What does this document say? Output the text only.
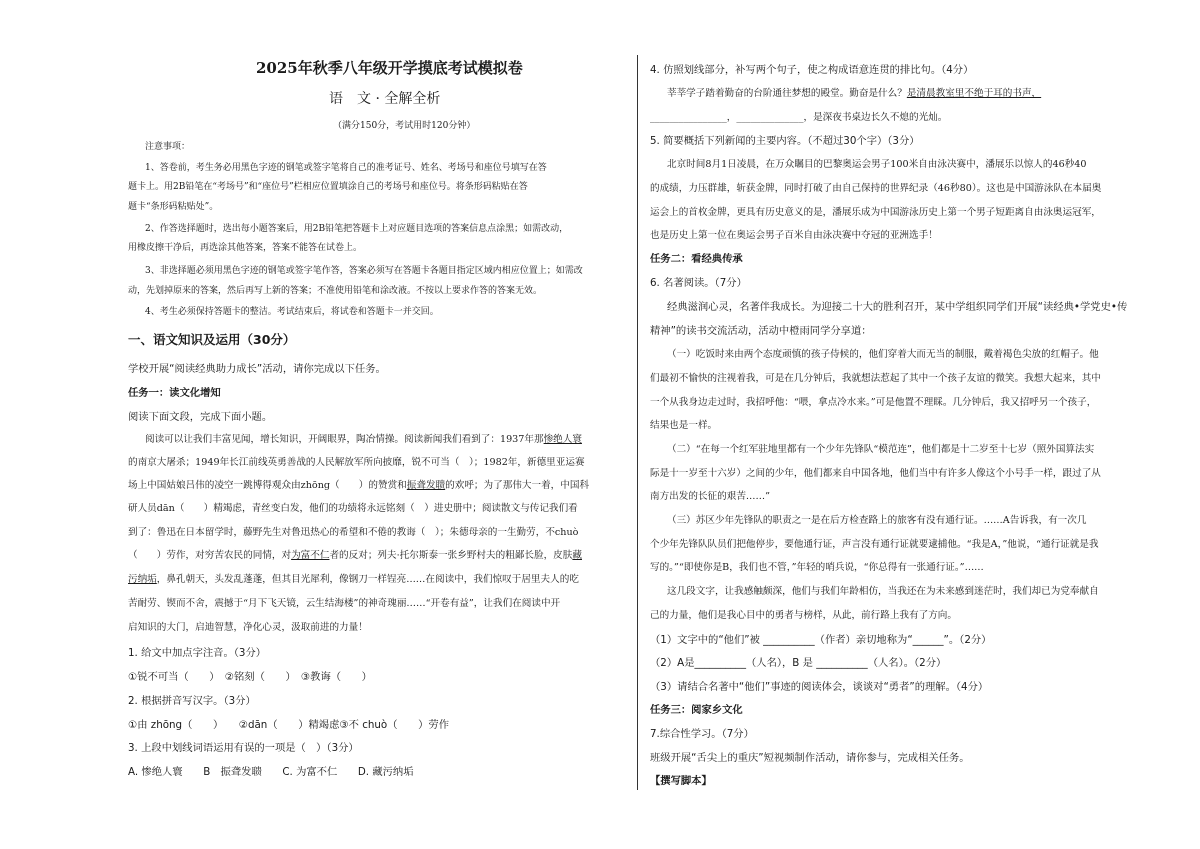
2025年秋季八年级开学摸底考试模拟卷
语　文 · 全解全析
（满分150分，考试用时120分钟）
注意事项：
1、答卷前，考生务必用黑色字迹的钢笔或签字笔将自己的准考证号、姓名、考场号和座位号填写在答
题卡上。用2B铅笔在“考场号”和“座位号”栏相应位置填涂自己的考场号和座位号。将条形码粘贴在答
题卡“条形码粘贴处”。
2、作答选择题时，选出每小题答案后，用2B铅笔把答题卡上对应题目选项的答案信息点涂黑；如需改动，
用橡皮擦干净后，再选涂其他答案，答案不能答在试卷上。
3、非选择题必须用黑色字迹的钢笔或签字笔作答，答案必须写在答题卡各题目指定区域内相应位置上；如需改
动，先划掉原来的答案，然后再写上新的答案；不准使用铅笔和涂改液。不按以上要求作答的答案无效。
4、考生必须保持答题卡的整洁。考试结束后，将试卷和答题卡一并交回。
一、语文知识及运用（30分）
学校开展“阅读经典助力成长”活动，请你完成以下任务。
任务一：读文化增知
阅读下面文段，完成下面小题。
阅读可以让我们丰富见闻，增长知识，开阔眼界，陶冶情操。阅读新闻我们看到了：1937年那惨绝人寰
的南京大屠杀；1949年长江前线英勇善战的人民解放军所向披靡，锐不可当（　）；1982年，新德里亚运赛
场上中国姑娘吕伟的凌空一跳博得观众由zhōng（　　）的赞赏和振聋发聩的欢呼；为了那伟大一着，中国科
研人员dān（　　）精竭虑，青丝变白发，他们的功绩将永远铭刻（　）进史册中；阅读散文与传记我们看
到了：鲁迅在日本留学时，藤野先生对鲁迅热心的希望和不倦的教诲（　）；朱德母亲的一生勤劳，不chuò
（　　）劳作，对穷苦农民的同情，对为富不仁者的反对；列夫·托尔斯泰一张乡野村夫的粗鄙长脸，皮肤藏
污纳垢，鼻孔朝天，头发乱蓬蓬，但其目光犀利，像钢刀一样锃亮……在阅读中，我们惊叹于居里夫人的吃
苦耐劳、锲而不舍，震撼于“月下飞天镜，云生结海楼”的神奇瑰丽……“开卷有益”，让我们在阅读中开
启知识的大门，启迪智慧，净化心灵，汲取前进的力量！
1. 给文中加点字注音。（3分）
①锐不可当（　　）　②铭刻（　　）　③教诲（　　）
2. 根据拼音写汉字。（3分）
①由 zhōng（　　）　　②dān（　　）精竭虑③不 chuò（　　）劳作
3. 上段中划线词语运用有误的一项是（　）（3分）
A. 惨绝人寰　　B　振聋发聩　　C. 为富不仁　　D. 藏污纳垢
4. 仿照划线部分，补写两个句子，使之构成语意连贯的排比句。（4分）
莘莘学子踏着勤奋的台阶通往梦想的殿堂。勤奋是什么？是清晨教室里不绝于耳的书声，
________________，______________，是深夜书桌边长久不熄的光灿。
5. 简要概括下列新闻的主要内容。（不超过30个字）（3分）
北京时间8月1日凌晨，在万众瞩目的巴黎奥运会男子100米自由泳决赛中，潘展乐以惊人的46秒40
的成绩，力压群雄，斩获金牌，同时打破了由自己保持的世界纪录（46秒80）。这也是中国游泳队在本届奥
运会上的首枚金牌，更具有历史意义的是，潘展乐成为中国游泳历史上第一个男子短距离自由泳奥运冠军，
也是历史上第一位在奥运会男子百米自由泳决赛中夺冠的亚洲选手！
任务二：看经典传承
6. 名著阅读。（7分）
经典滋润心灵，名著伴我成长。为迎接二十大的胜利召开，某中学组织同学们开展“读经典•学党史•传
精神”的读书交流活动，活动中橙雨同学分享道：
（一）吃饭时来由两个态度顽慎的孩子侍候的，他们穿着大而无当的制服，戴着褐色尖放的红帽子。他
们最初不愉快的注视着我，可是在几分钟后，我就想法惹起了其中一个孩子友谊的微笑。我想大起来，其中
一个从我身边走过时，我招呼他：“喂，拿点冷水来。”可是他置不理睬。几分钟后，我又招呼另一个孩子，
结果也是一样。
（二）“在每一个红军驻地里都有一个少年先锋队“模范连”，他们都是十二岁至十七岁（照外国算法实
际是十一岁至十六岁）之间的少年，他们都来自中国各地，他们当中有许多人像这个小号手一样，跟过了从
南方出发的长征的艰苦……”
（三）苏区少年先锋队的职责之一是在后方检查路上的旅客有没有通行证。……A告诉我，有一次几
个少年先锋队队员们把他停步，要他通行证，声言没有通行证就要逮捕他。“我是A，”他说，“通行证就是我
写的。”“即使你是B，我们也不管，”年轻的哨兵说，“你总得有一张通行证。”……
这几段文字，让我感触颇深，他们与我们年龄相仿，当我还在为未来感到迷茫时，我们却已为党奉献自
己的力量，他们是我心目中的勇者与榜样，从此，前行路上我有了方向。
（1）文字中的“他们”被 __________（作者）亲切地称为“______”。（2分）
（2）A是__________（人名），B 是 __________（人名）。（2分）
（3）请结合名著中“他们”事迹的阅读体会，谈谈对“勇者”的理解。（4分）
任务三：阅家乡文化
7.综合性学习。（7分）
班级开展“舌尖上的重庆”短视频制作活动，请你参与，完成相关任务。
【撰写脚本】
